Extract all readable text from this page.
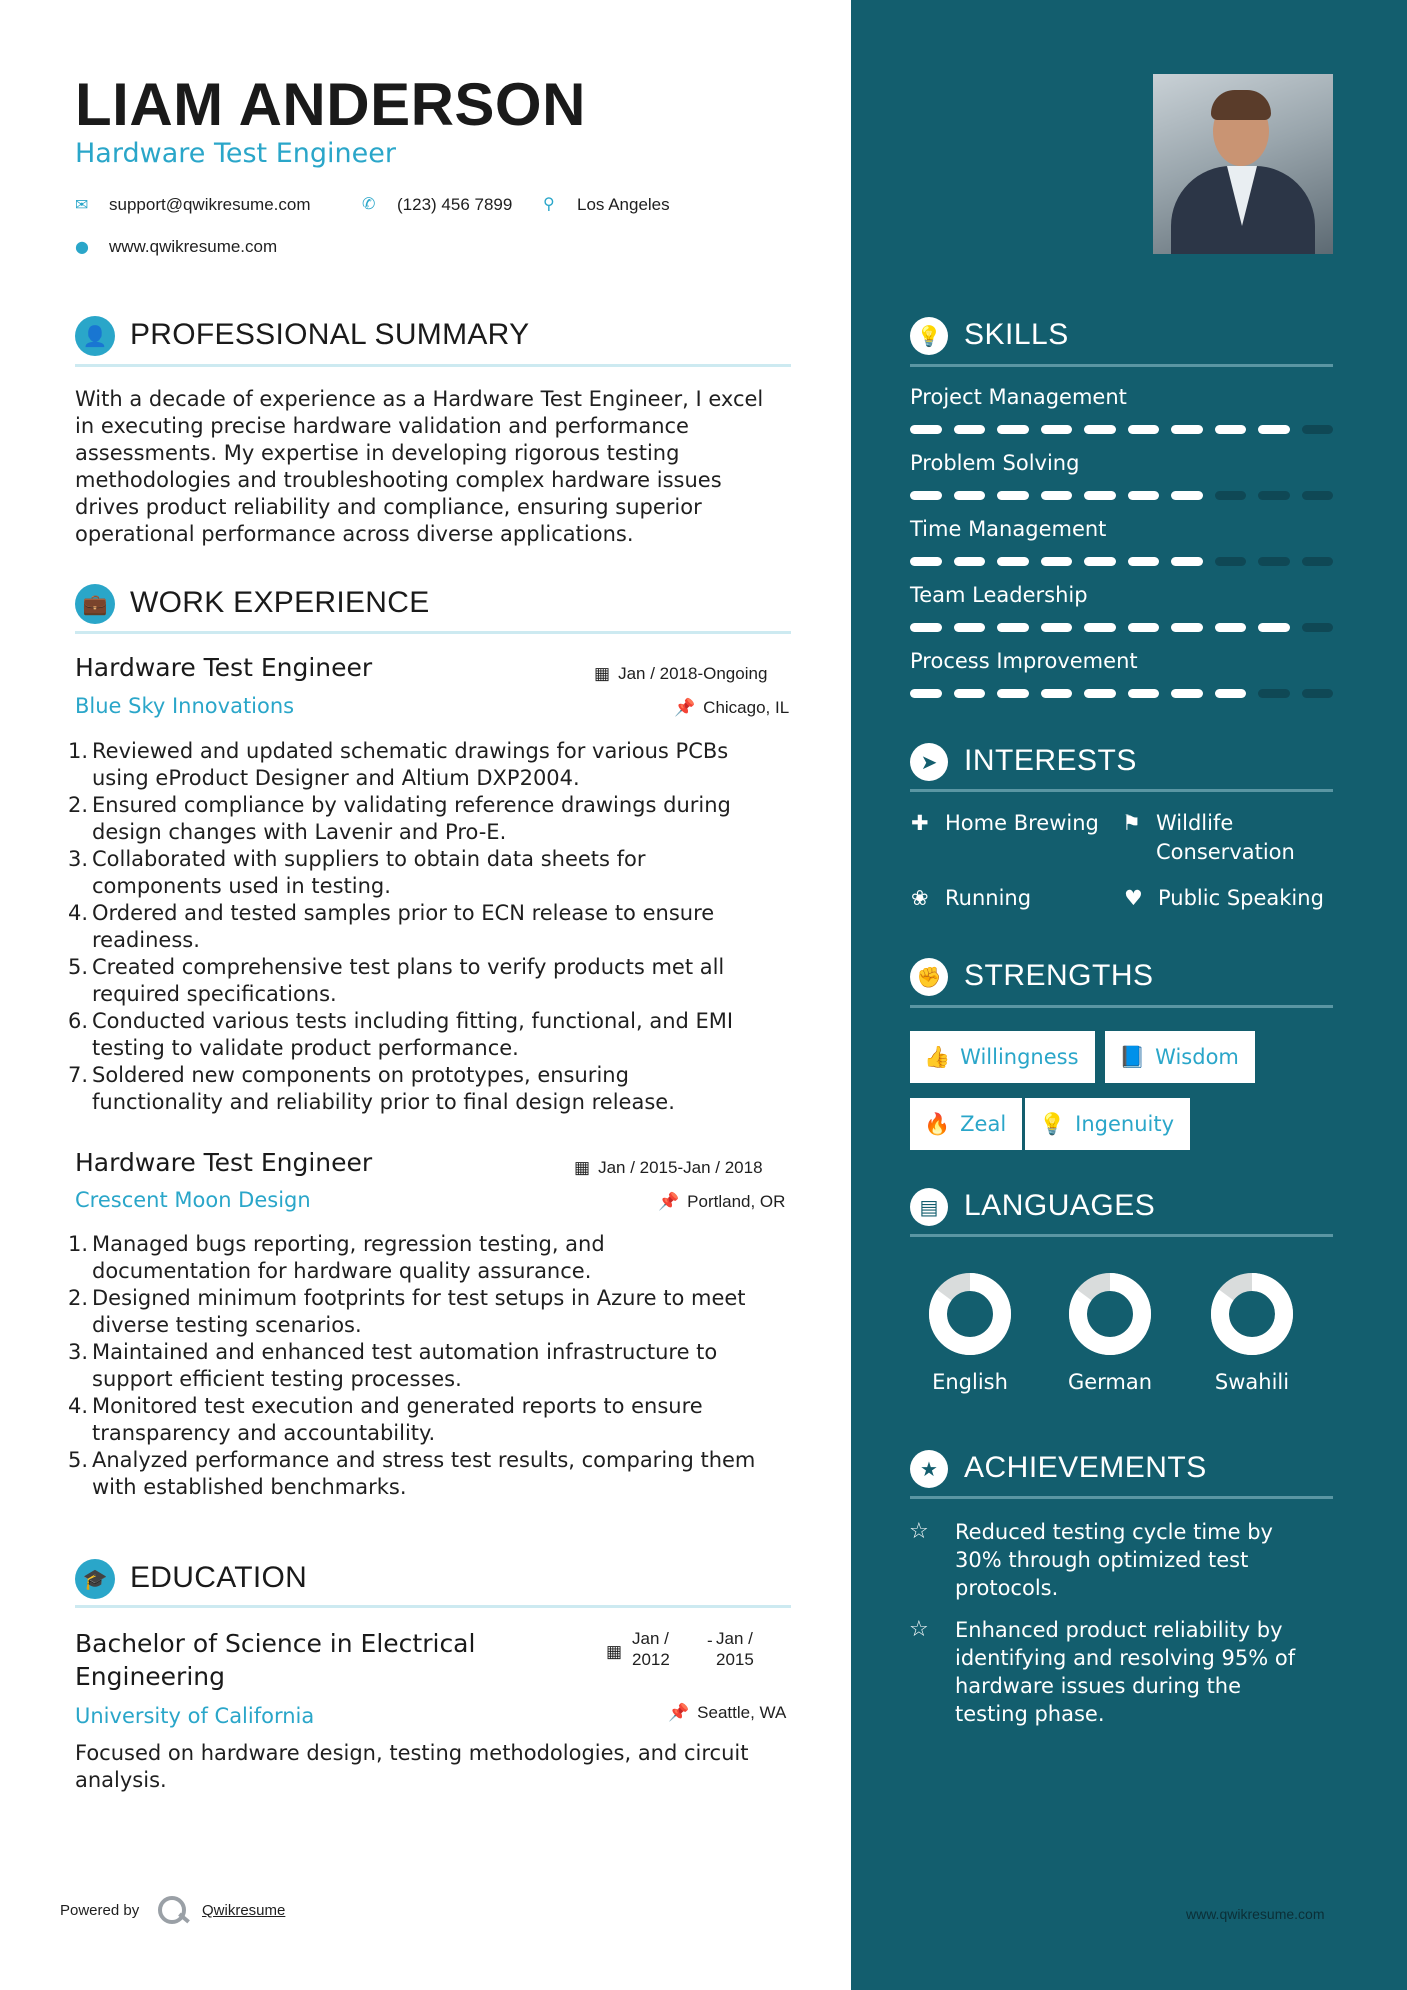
LIAM ANDERSON
Hardware Test Engineer
✉ support@qwikresume.com	✆ (123) 456 7899 ⚲ Los Angeles
● www.qwikresume.com
👤 PROFESSIONAL SUMMARY
With a decade of experience as a Hardware Test Engineer, I excel
in executing precise hardware validation and performance
assessments. My expertise in developing rigorous testing
methodologies and troubleshooting complex hardware issues
drives product reliability and compliance, ensuring superior
operational performance across diverse applications.
💼 WORK EXPERIENCE
Hardware Test Engineer	▦ Jan / 2018-Ongoing
Blue Sky Innovations	📌 Chicago, IL
1. Reviewed and updated schematic drawings for various PCBs
using eProduct Designer and Altium DXP2004.
2. Ensured compliance by validating reference drawings during
design changes with Lavenir and Pro-E.
3. Collaborated with suppliers to obtain data sheets for
components used in testing.
4. Ordered and tested samples prior to ECN release to ensure
readiness.
5. Created comprehensive test plans to verify products met all
required specifications.
6. Conducted various tests including fitting, functional, and EMI
testing to validate product performance.
7. Soldered new components on prototypes, ensuring
functionality and reliability prior to final design release.
Hardware Test Engineer	▦ Jan / 2015-Jan / 2018
Crescent Moon Design	📌 Portland, OR
1. Managed bugs reporting, regression testing, and
documentation for hardware quality assurance.
2. Designed minimum footprints for test setups in Azure to meet
diverse testing scenarios.
3. Maintained and enhanced test automation infrastructure to
support efficient testing processes.
4. Monitored test execution and generated reports to ensure
transparency and accountability.
5. Analyzed performance and stress test results, comparing them
with established benchmarks.
🎓 EDUCATION
Bachelor of Science in Electrical
Engineering
▦
Jan /
2012
- Jan /
2015
University of California	📌 Seattle, WA
Focused on hardware design, testing methodologies, and circuit
analysis.
Powered by	Qwikresume
💡 SKILLS
Project Management
Problem Solving
Time Management
Team Leadership
Process Improvement
➤ INTERESTS
✚ Home Brewing ⚑ Wildlife
Conservation
❀ Running	♥ Public Speaking
✊ STRENGTHS
👍 Willingness	📘 Wisdom
🔥 Zeal	💡 Ingenuity
▤ LANGUAGES
English	German	Swahili
★ ACHIEVEMENTS
☆ Reduced testing cycle time by
30% through optimized test
protocols.
☆ Enhanced product reliability by
identifying and resolving 95% of
hardware issues during the
testing phase.
www.qwikresume.com
